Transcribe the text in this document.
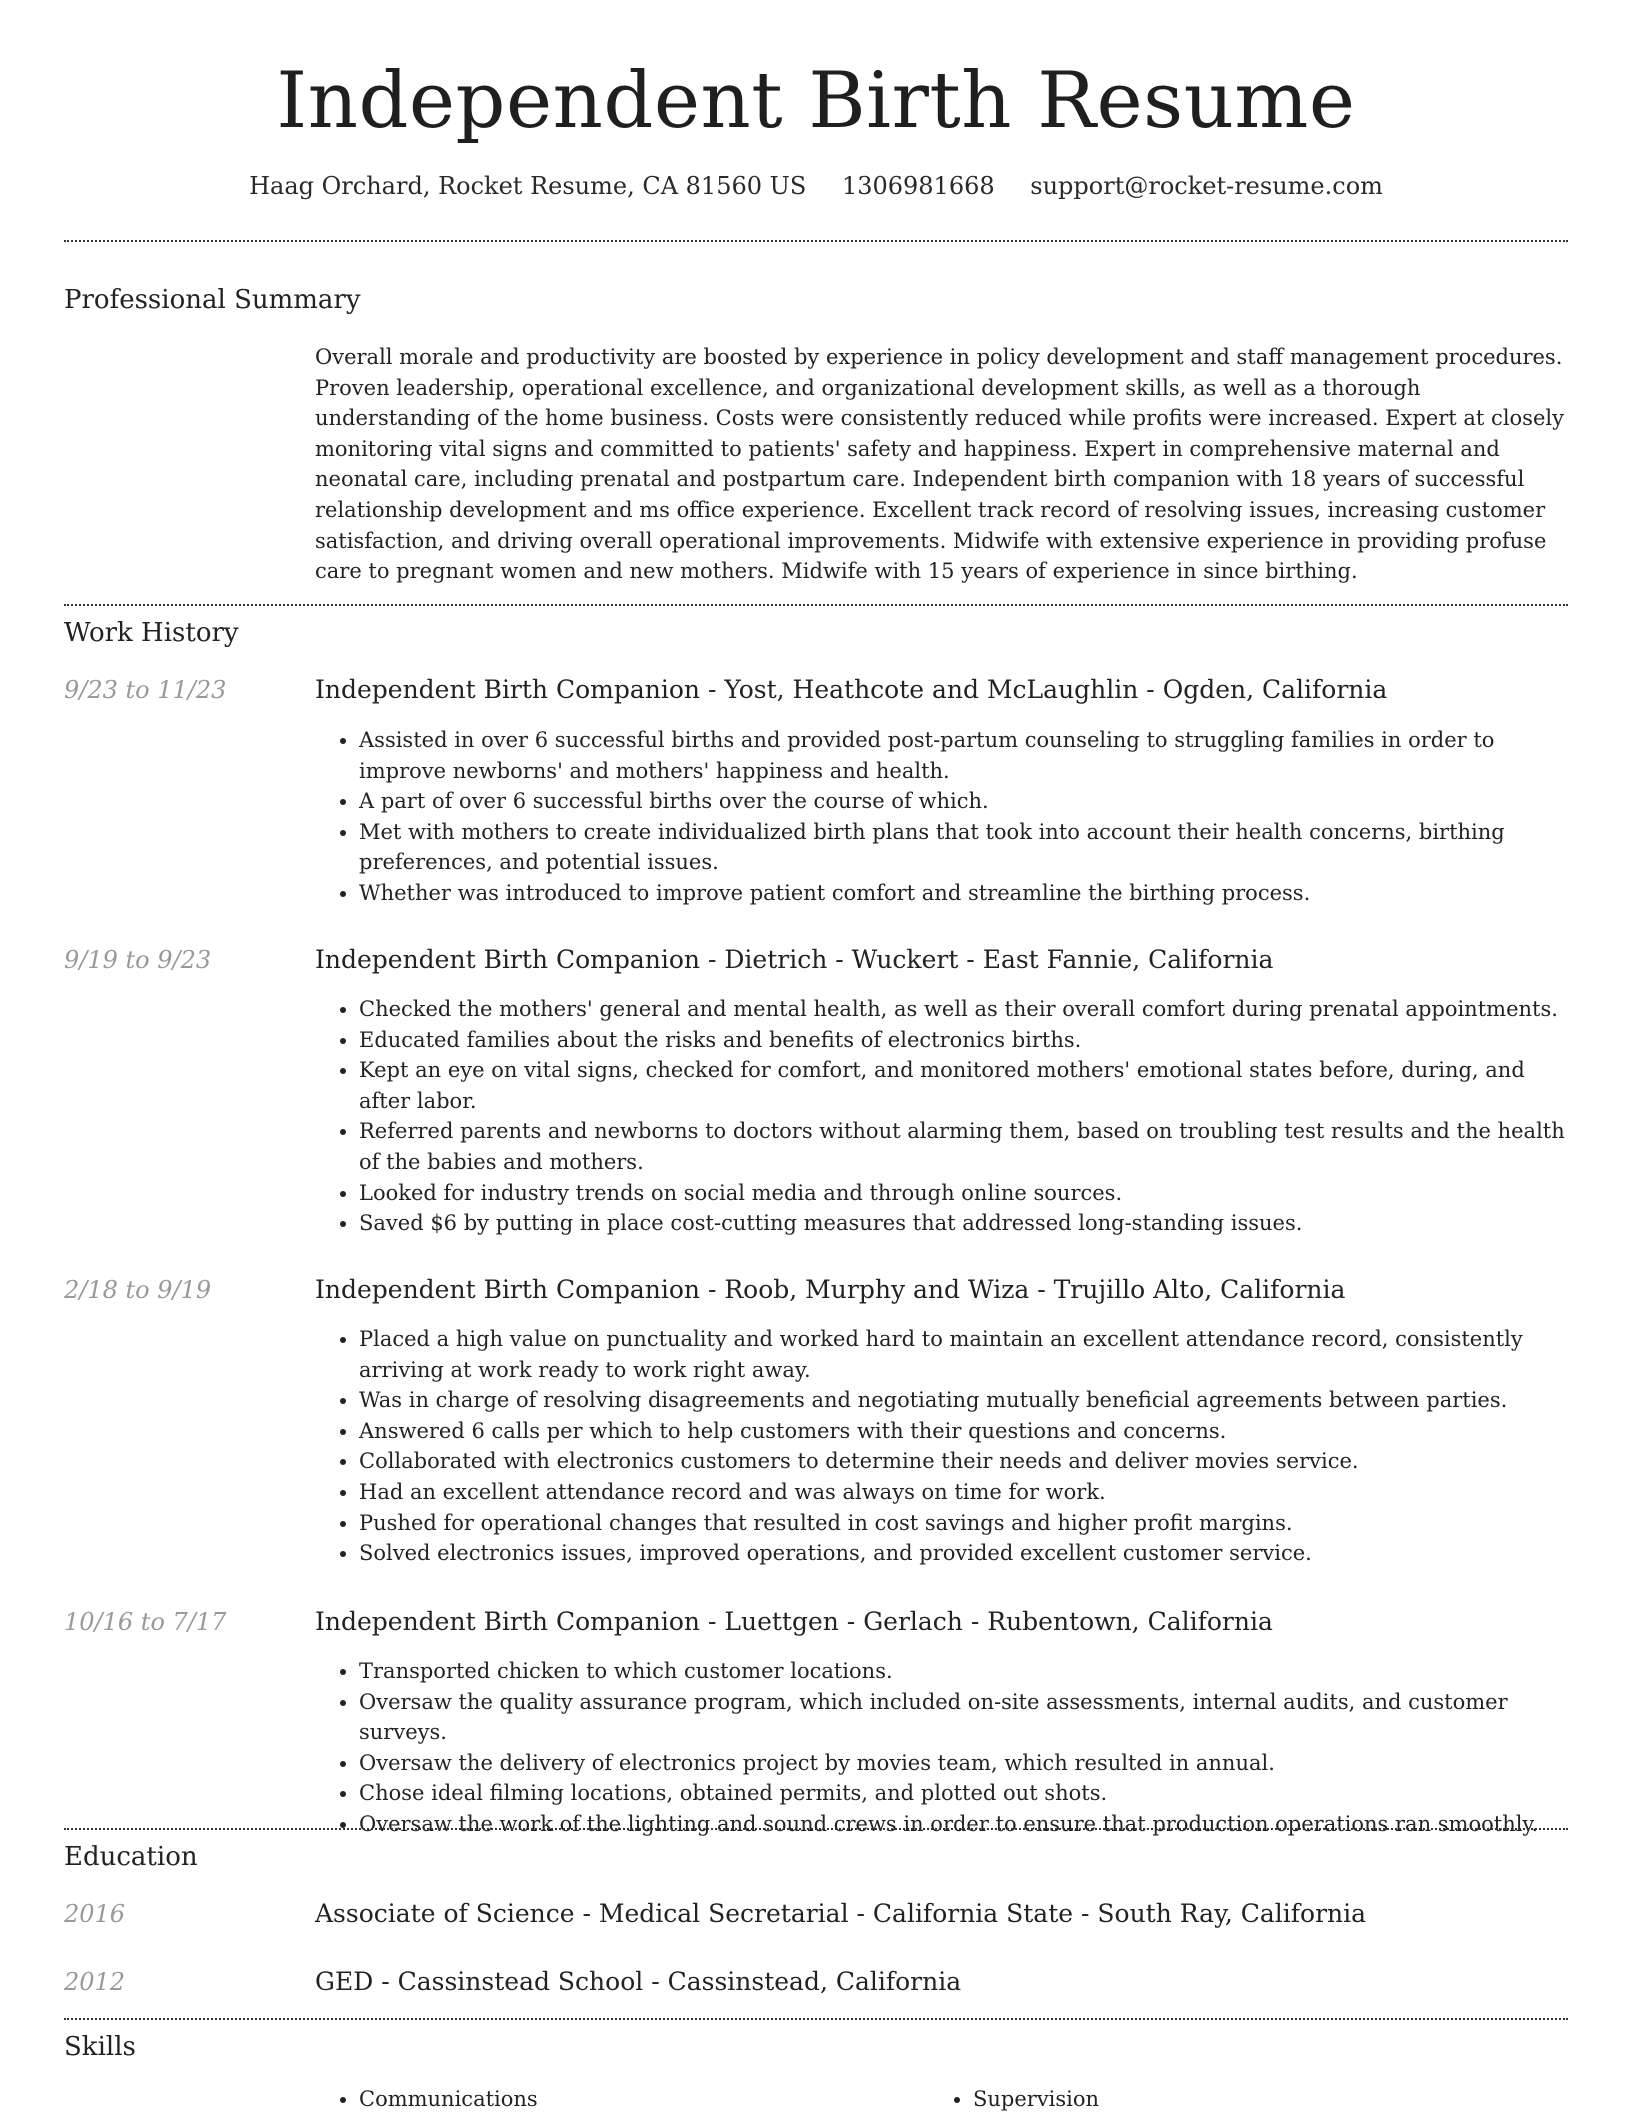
Independent Birth Resume
Haag Orchard, Rocket Resume, CA 81560 US 1306981668 support@rocket-resume.com
Professional Summary

Overall morale and productivity are boosted by experience in policy development and staff management procedures. Proven leadership, operational excellence, and organizational development skills, as well as a thorough understanding of the home business. Costs were consistently reduced while profits were increased. Expert at closely monitoring vital signs and committed to patients' safety and happiness. Expert in comprehensive maternal and neonatal care, including prenatal and postpartum care. Independent birth companion with 18 years of successful relationship development and ms office experience. Excellent track record of resolving issues, increasing customer satisfaction, and driving overall operational improvements. Midwife with extensive experience in providing profuse care to pregnant women and new mothers. Midwife with 15 years of experience in since birthing.

Work History
9/23 to 11/23	Independent Birth Companion - Yost, Heathcote and McLaughlin - Ogden, California
• Assisted in over 6 successful births and provided post-partum counseling to struggling families in order to improve newborns' and mothers' happiness and health.
• A part of over 6 successful births over the course of which.
• Met with mothers to create individualized birth plans that took into account their health concerns, birthing preferences, and potential issues.
• Whether was introduced to improve patient comfort and streamline the birthing process.
9/19 to 9/23	Independent Birth Companion - Dietrich - Wuckert - East Fannie, California
• Checked the mothers' general and mental health, as well as their overall comfort during prenatal appointments.
• Educated families about the risks and benefits of electronics births.
• Kept an eye on vital signs, checked for comfort, and monitored mothers' emotional states before, during, and after labor.
• Referred parents and newborns to doctors without alarming them, based on troubling test results and the health of the babies and mothers.
• Looked for industry trends on social media and through online sources.
• Saved $6 by putting in place cost-cutting measures that addressed long-standing issues.
2/18 to 9/19	Independent Birth Companion - Roob, Murphy and Wiza - Trujillo Alto, California
• Placed a high value on punctuality and worked hard to maintain an excellent attendance record, consistently arriving at work ready to work right away.
• Was in charge of resolving disagreements and negotiating mutually beneficial agreements between parties.
• Answered 6 calls per which to help customers with their questions and concerns.
• Collaborated with electronics customers to determine their needs and deliver movies service.
• Had an excellent attendance record and was always on time for work.
• Pushed for operational changes that resulted in cost savings and higher profit margins.
• Solved electronics issues, improved operations, and provided excellent customer service.
10/16 to 7/17	Independent Birth Companion - Luettgen - Gerlach - Rubentown, California
• Transported chicken to which customer locations.
• Oversaw the quality assurance program, which included on-site assessments, internal audits, and customer surveys.
• Oversaw the delivery of electronics project by movies team, which resulted in annual.
• Chose ideal filming locations, obtained permits, and plotted out shots.
• Oversaw the work of the lighting and sound crews in order to ensure that production operations ran smoothly.
Education
2016	Associate of Science - Medical Secretarial - California State - South Ray, California
2012	GED - Cassinstead School - Cassinstead, California
Skills
• Communications
•	Supervision
